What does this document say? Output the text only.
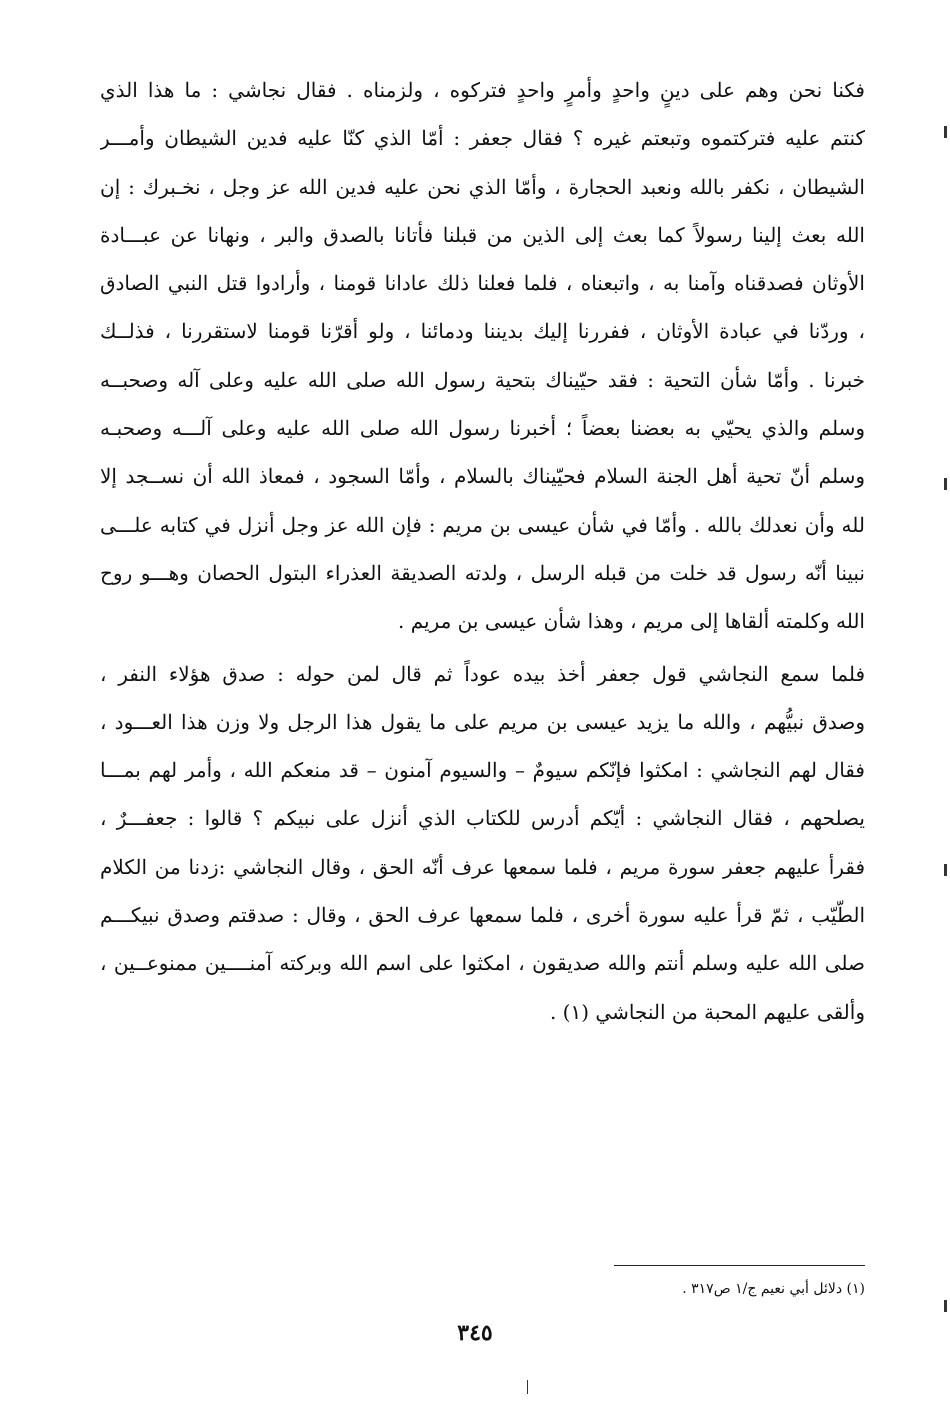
فكنا نحن وهم على دينٍ واحدٍ وأمرٍ واحدٍ فتركوه ، ولزمناه . فقال نجاشي : ما هذا الذي
كنتم عليه فتركتموه وتبعتم غيره ؟ فقال جعفر : أمّا الذي كنّا عليه فدين الشيطان وأمـــر
الشيطان ، نكفر بالله ونعبد الحجارة ، وأمّا الذي نحن عليه فدين الله عز وجل ، نخـبرك : إن
الله بعث إلينا رسولاً كما بعث إلى الذين من قبلنا فأتانا بالصدق والبر ، ونهانا عن عبـــادة
الأوثان فصدقناه وآمنا به ، واتبعناه ، فلما فعلنا ذلك عادانا قومنا ، وأرادوا قتل النبي الصادق
، وردّنا في عبادة الأوثان ، ففررنا إليك بديننا ودمائنا ، ولو أقرّنا قومنا لاستقررنا ، فذلــك
خبرنا . وأمّا شأن التحية : فقد حيّيناك بتحية رسول الله صلى الله عليه وعلى آله وصحبــه
وسلم والذي يحيّي به بعضنا بعضاً ؛ أخبرنا رسول الله صلى الله عليه وعلى آلـــه وصحبـه
وسلم أنّ تحية أهل الجنة السلام فحيّيناك بالسلام ، وأمّا السجود ، فمعاذ الله أن نســجد إلا
لله وأن نعدلك بالله . وأمّا في شأن عيسى بن مريم : فإن الله عز وجل أنزل في كتابه علـــى
نبينا أنّه رسول قد خلت من قبله الرسل ، ولدته الصديقة العذراء البتول الحصان وهـــو روح
الله وكلمته ألقاها إلى مريم ، وهذا شأن عيسى بن مريم .
فلما سمع النجاشي قول جعفر أخذ بيده عوداً ثم قال لمن حوله : صدق هؤلاء النفر ،
وصدق نبيُّهم ، والله ما يزيد عيسى بن مريم على ما يقول هذا الرجل ولا وزن هذا العـــود ،
فقال لهم النجاشي : امكثوا فإنّكم سيومٌ – والسيوم آمنون – قد منعكم الله ، وأمر لهم بمـــا
يصلحهم ، فقال النجاشي : أيّكم أدرس للكتاب الذي أنزل على نبيكم ؟ قالوا : جعفـــرٌ ،
فقرأ عليهم جعفر سورة مريم ، فلما سمعها عرف أنّه الحق ، وقال النجاشي :زدنا من الكلام
الطّيّب ، ثمّ قرأ عليه سورة أخرى ، فلما سمعها عرف الحق ، وقال : صدقتم وصدق نبيكـــم
صلى الله عليه وسلم أنتم والله صديقون ، امكثوا على اسم الله وبركته آمنــــين ممنوعــين ،
وألقى عليهم المحبة من النجاشي (١) .
(١) دلائل أبي نعيم ج/١ ص٣١٧ .
٣٤٥
